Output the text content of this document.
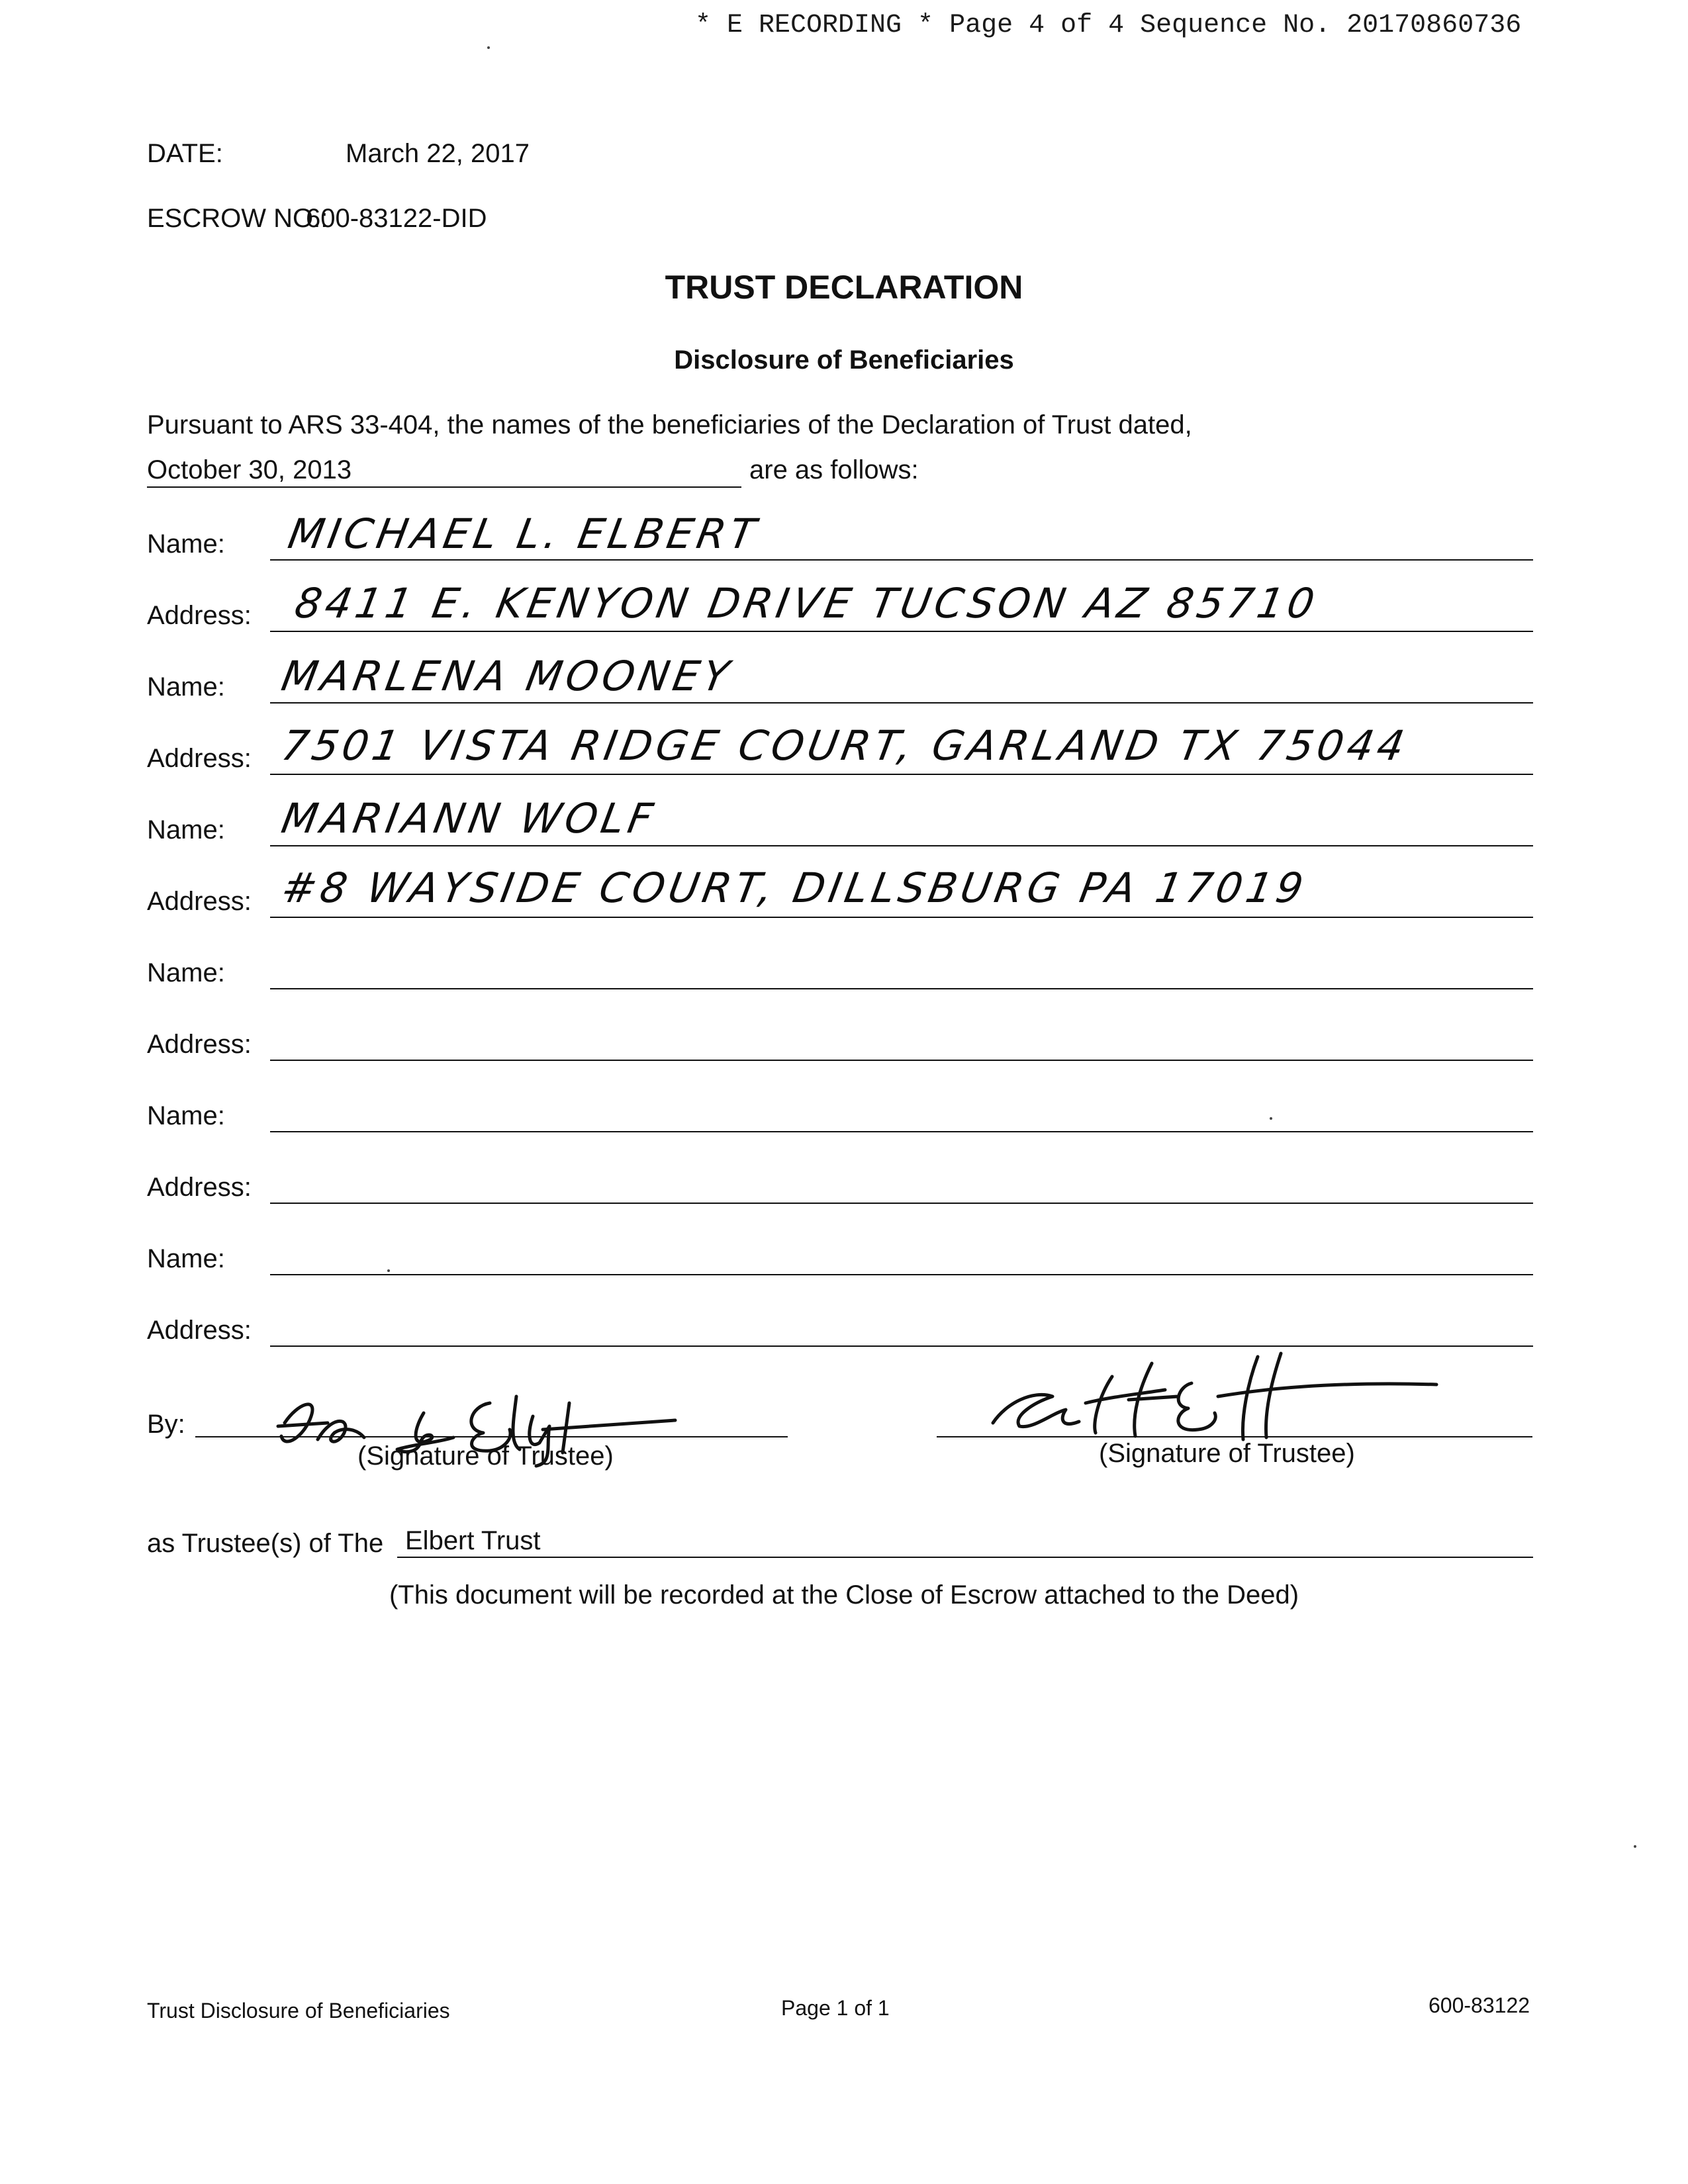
* E RECORDING * Page 4 of 4 Sequence No. 20170860736
DATE:	March 22, 2017
ESCROW NO.:
600-83122-DID
TRUST DECLARATION
Disclosure of Beneficiaries
Pursuant to ARS 33-404, the names of the beneficiaries of the Declaration of Trust dated,
October 30, 2013	are as follows:
Name: MICHAEL L. ELBERT
Address: 8411 E. KENYON DRIVE TUCSON AZ 85710
Name: MARLENA MOONEY
Address: 7501 VISTA RIDGE COURT, GARLAND TX 75044
Name: MARIANN WOLF
Address: #8 WAYSIDE COURT, DILLSBURG PA 17019
Name:
Address:
Name:
Address:
Name:
Address:
By:
(Signature of Trustee)	(Signature of Trustee)
as Trustee(s) of The Elbert Trust
(This document will be recorded at the Close of Escrow attached to the Deed)
Trust Disclosure of Beneficiaries	Page 1 of 1	600-83122
